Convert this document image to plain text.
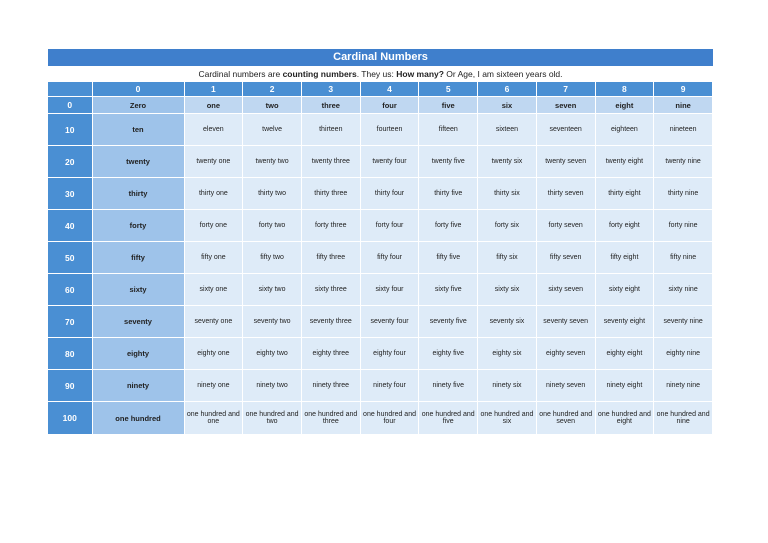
Cardinal Numbers
Cardinal numbers are counting numbers. They us: How many? Or Age, I am sixteen years old.
	0	1	2	3	4	5	6	7	8	9
0	Zero	one	two	three	four	five	six	seven	eight	nine
10	ten	eleven	twelve	thirteen	fourteen	fifteen	sixteen	seventeen	eighteen	nineteen
20	twenty	twenty one	twenty two	twenty three	twenty four	twenty five	twenty six	twenty seven	twenty eight	twenty nine
30	thirty	thirty one	thirty two	thirty three	thirty four	thirty five	thirty six	thirty seven	thirty eight	thirty nine
40	forty	forty one	forty two	forty three	forty four	forty five	forty six	forty seven	forty eight	forty nine
50	fifty	fifty one	fifty two	fifty three	fifty four	fifty five	fifty six	fifty seven	fifty eight	fifty nine
60	sixty	sixty one	sixty two	sixty three	sixty four	sixty five	sixty six	sixty seven	sixty eight	sixty nine
70	seventy	seventy one	seventy two	seventy three	seventy four	seventy five	seventy six	seventy seven	seventy eight	seventy nine
80	eighty	eighty one	eighty two	eighty three	eighty four	eighty five	eighty six	eighty seven	eighty eight	eighty nine
90	ninety	ninety one	ninety two	ninety three	ninety four	ninety five	ninety six	ninety seven	ninety eight	ninety nine
100	one hundred	one hundred and one	one hundred and two	one hundred and three	one hundred and four	one hundred and five	one hundred and six	one hundred and seven	one hundred and eight	one hundred and nine
